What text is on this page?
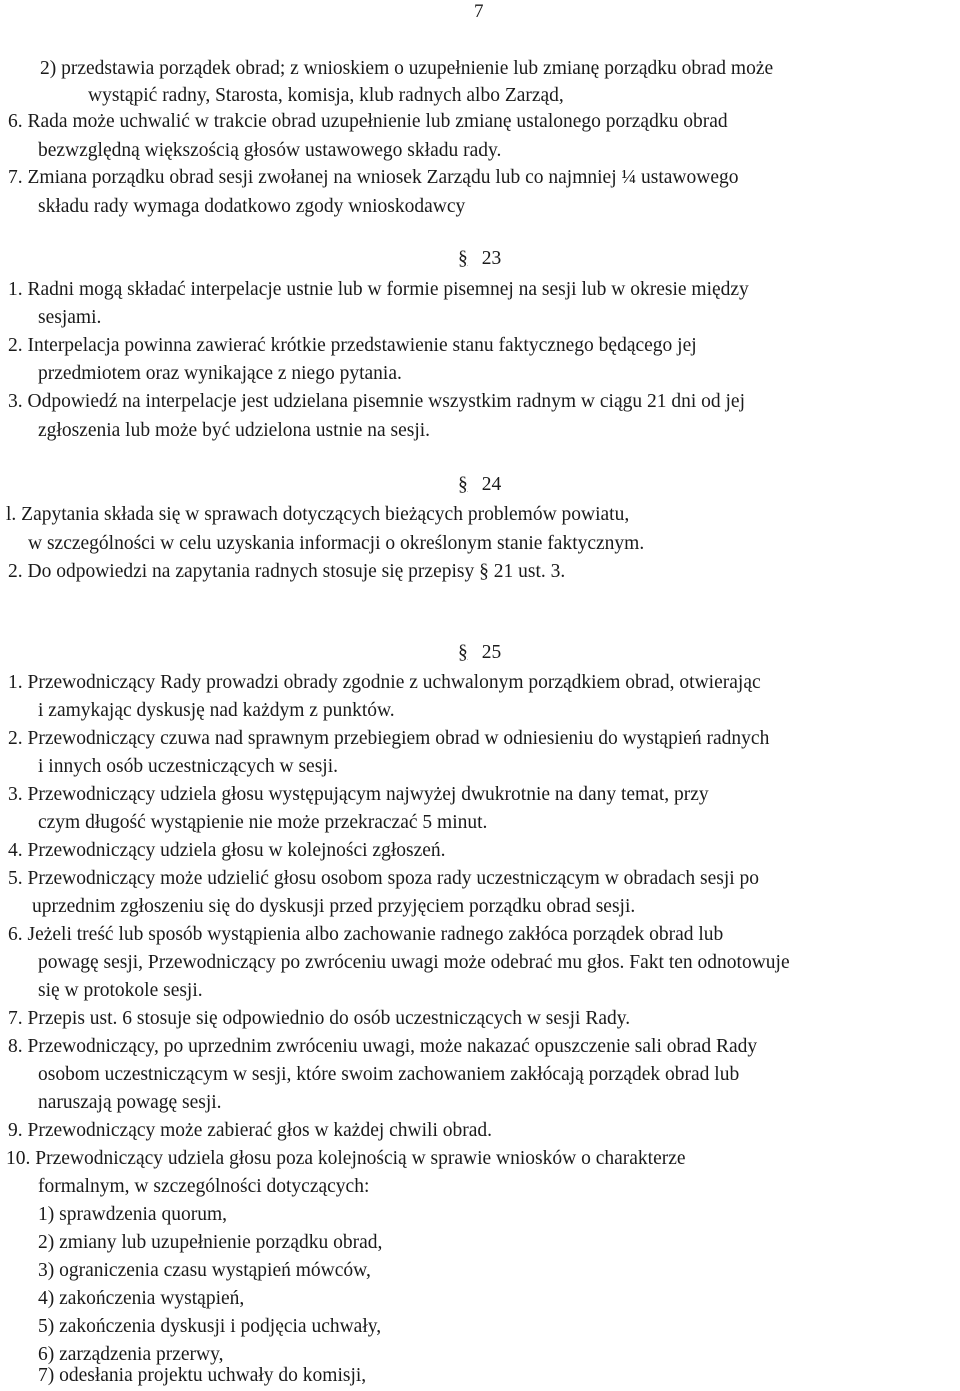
7
2) przedstawia porządek obrad; z wnioskiem o uzupełnienie lub zmianę porządku obrad może
wystąpić radny, Starosta, komisja, klub radnych albo Zarząd,
6. Rada może uchwalić w trakcie obrad uzupełnienie lub zmianę ustalonego porządku obrad
bezwzględną większością głosów ustawowego składu rady.
7. Zmiana porządku obrad sesji zwołanej na wniosek Zarządu lub co najmniej ¼ ustawowego
składu rady wymaga dodatkowo zgody wnioskodawcy
§ 23
1. Radni mogą składać interpelacje ustnie lub w formie pisemnej na sesji lub w okresie między
sesjami.
2. Interpelacja powinna zawierać krótkie przedstawienie stanu faktycznego będącego jej
przedmiotem oraz wynikające z niego pytania.
3. Odpowiedź na interpelacje jest udzielana pisemnie wszystkim radnym w ciągu 21 dni od jej
zgłoszenia lub może być udzielona ustnie na sesji.
§ 24
l. Zapytania składa się w sprawach dotyczących bieżących problemów powiatu,
w szczególności w celu uzyskania informacji o określonym stanie faktycznym.
2. Do odpowiedzi na zapytania radnych stosuje się przepisy § 21 ust. 3.
§ 25
1. Przewodniczący Rady prowadzi obrady zgodnie z uchwalonym porządkiem obrad, otwierając
i zamykając dyskusję nad każdym z punktów.
2. Przewodniczący czuwa nad sprawnym przebiegiem obrad w odniesieniu do wystąpień radnych
i innych osób uczestniczących w sesji.
3. Przewodniczący udziela głosu występującym najwyżej dwukrotnie na dany temat, przy
czym długość wystąpienie nie może przekraczać 5 minut.
4. Przewodniczący udziela głosu w kolejności zgłoszeń.
5. Przewodniczący może udzielić głosu osobom spoza rady uczestniczącym w obradach sesji po
uprzednim zgłoszeniu się do dyskusji przed przyjęciem porządku obrad sesji.
6. Jeżeli treść lub sposób wystąpienia albo zachowanie radnego zakłóca porządek obrad lub
powagę sesji, Przewodniczący po zwróceniu uwagi może odebrać mu głos. Fakt ten odnotowuje
się w protokole sesji.
7. Przepis ust. 6 stosuje się odpowiednio do osób uczestniczących w sesji Rady.
8. Przewodniczący, po uprzednim zwróceniu uwagi, może nakazać opuszczenie sali obrad Rady
osobom uczestniczącym w sesji, które swoim zachowaniem zakłócają porządek obrad lub
naruszają powagę sesji.
9. Przewodniczący może zabierać głos w każdej chwili obrad.
10. Przewodniczący udziela głosu poza kolejnością w sprawie wniosków o charakterze
formalnym, w szczególności dotyczących:
1) sprawdzenia quorum,
2) zmiany lub uzupełnienie porządku obrad,
3) ograniczenia czasu wystąpień mówców,
4) zakończenia wystąpień,
5) zakończenia dyskusji i podjęcia uchwały,
6) zarządzenia przerwy,
7) odesłania projektu uchwały do komisji,
